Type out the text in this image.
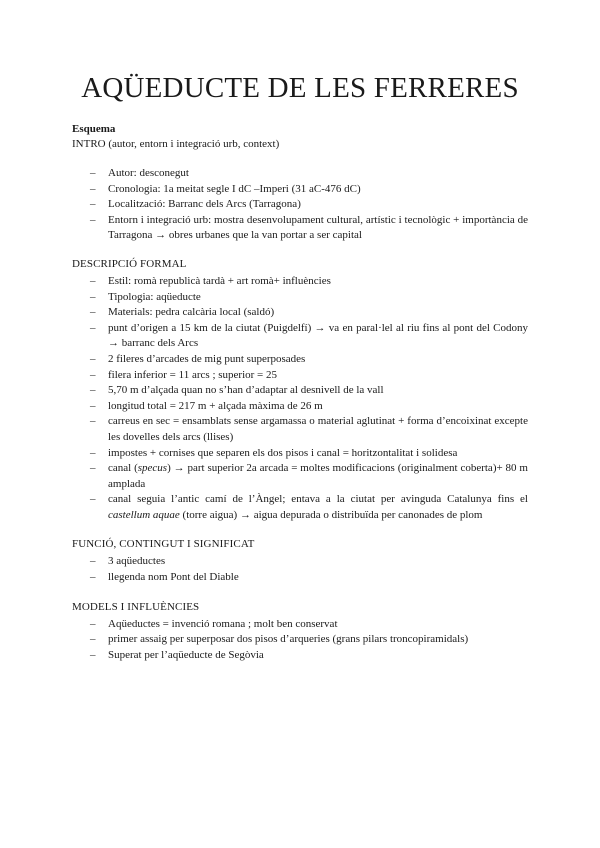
AQÜEDUCTE DE LES FERRERES

Esquema

INTRO (autor, entorn i integració urb, context)

– Autor: desconegut
– Cronologia: 1a meitat segle I dC –Imperi (31 aC-476 dC)
– Localització: Barranc dels Arcs (Tarragona)
– Entorn i integració urb: mostra desenvolupament cultural, artístic i tecnològic + importància de Tarragona → obres urbanes que la van portar a ser capital

DESCRIPCIÓ FORMAL

– Estil: romà republicà tardà + art romà+ influències
– Tipologia: aqüeducte
– Materials: pedra calcària local (saldó)
– punt d’origen a 15 km de la ciutat (Puigdelfí) → va en paral·lel al riu fins al pont del Codony → barranc dels Arcs
– 2 fileres d’arcades de mig punt superposades
– filera inferior = 11 arcs ; superior = 25
– 5,70 m d’alçada quan no s’han d’adaptar al desnivell de la vall
– longitud total = 217 m + alçada màxima de 26 m
– carreus en sec = ensamblats sense argamassa o material aglutinat + forma d’encoixinat excepte les dovelles dels arcs (llises)
– impostes + cornises que separen els dos pisos i canal = horitzontalitat i solidesa
– canal (specus) → part superior 2a arcada = moltes modificacions (originalment coberta)+ 80 m amplada
– canal seguia l’antic camí de l’Àngel; entava a la ciutat per avinguda Catalunya fins el castellum aquae (torre aigua) → aigua depurada o distribuïda per canonades de plom

FUNCIÓ, CONTINGUT I SIGNIFICAT

– 3 aqüeductes
– llegenda nom Pont del Diable

MODELS I INFLUÈNCIES

– Aqüeductes = invenció romana ; molt ben conservat
– primer assaig per superposar dos pisos d’arqueries (grans pilars troncopiramidals)
– Superat per l’aqüeducte de Segòvia
